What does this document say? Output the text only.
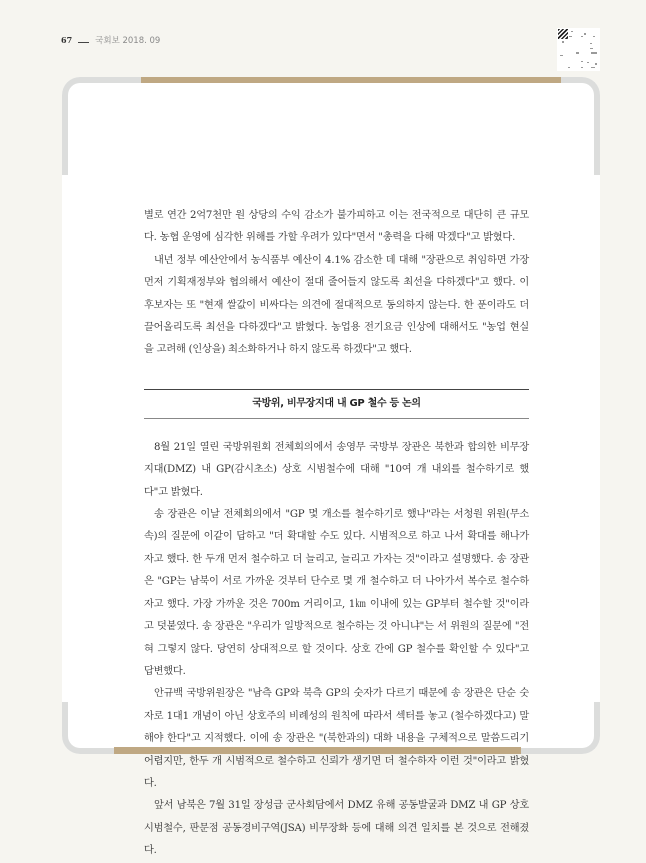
67	국회보 2018. 09

별로 연간 2억7천만 원 상당의 수익 감소가 불가피하고 이는 전국적으로 대단히 큰 규모다. 농협 운영에 심각한 위해를 가할 우려가 있다"면서 "총력을 다해 막겠다"고 밝혔다.

내년 정부 예산안에서 농식품부 예산이 4.1% 감소한 데 대해 "장관으로 취임하면 가장 먼저 기획재정부와 협의해서 예산이 절대 줄어들지 않도록 최선을 다하겠다"고 했다. 이 후보자는 또 "현재 쌀값이 비싸다는 의견에 절대적으로 동의하지 않는다. 한 푼이라도 더 끌어올리도록 최선을 다하겠다"고 밝혔다. 농업용 전기요금 인상에 대해서도 "농업 현실을 고려해 (인상을) 최소화하거나 하지 않도록 하겠다"고 했다.

국방위, 비무장지대 내 GP 철수 등 논의

8월 21일 열린 국방위원회 전체회의에서 송영무 국방부 장관은 북한과 합의한 비무장지대(DMZ) 내 GP(감시초소) 상호 시범철수에 대해 "10여 개 내외를 철수하기로 했다"고 밝혔다.

송 장관은 이날 전체회의에서 "GP 몇 개소를 철수하기로 했나"라는 서청원 위원(무소속)의 질문에 이같이 답하고 "더 확대할 수도 있다. 시범적으로 하고 나서 확대를 해나가자고 했다. 한 두개 먼저 철수하고 더 늘리고, 늘리고 가자는 것"이라고 설명했다. 송 장관은 "GP는 남북이 서로 가까운 것부터 단수로 몇 개 철수하고 더 나아가서 복수로 철수하자고 했다. 가장 가까운 것은 700m 거리이고, 1㎞ 이내에 있는 GP부터 철수할 것"이라고 덧붙였다. 송 장관은 "우리가 일방적으로 철수하는 것 아니냐"는 서 위원의 질문에 "전혀 그렇지 않다. 당연히 상대적으로 할 것이다. 상호 간에 GP 철수를 확인할 수 있다"고 답변했다.

안규백 국방위원장은 "남측 GP와 북측 GP의 숫자가 다르기 때문에 송 장관은 단순 숫자로 1대1 개념이 아닌 상호주의 비례성의 원칙에 따라서 섹터를 놓고 (철수하겠다고) 말해야 한다"고 지적했다. 이에 송 장관은 "(북한과의) 대화 내용을 구체적으로 말씀드리기 어렵지만, 한두 개 시범적으로 철수하고 신뢰가 생기면 더 철수하자 이런 것"이라고 밝혔다.

앞서 남북은 7월 31일 장성급 군사회담에서 DMZ 유해 공동발굴과 DMZ 내 GP 상호 시범철수, 판문점 공동경비구역(JSA) 비무장화 등에 대해 의견 일치를 본 것으로 전해졌다.
